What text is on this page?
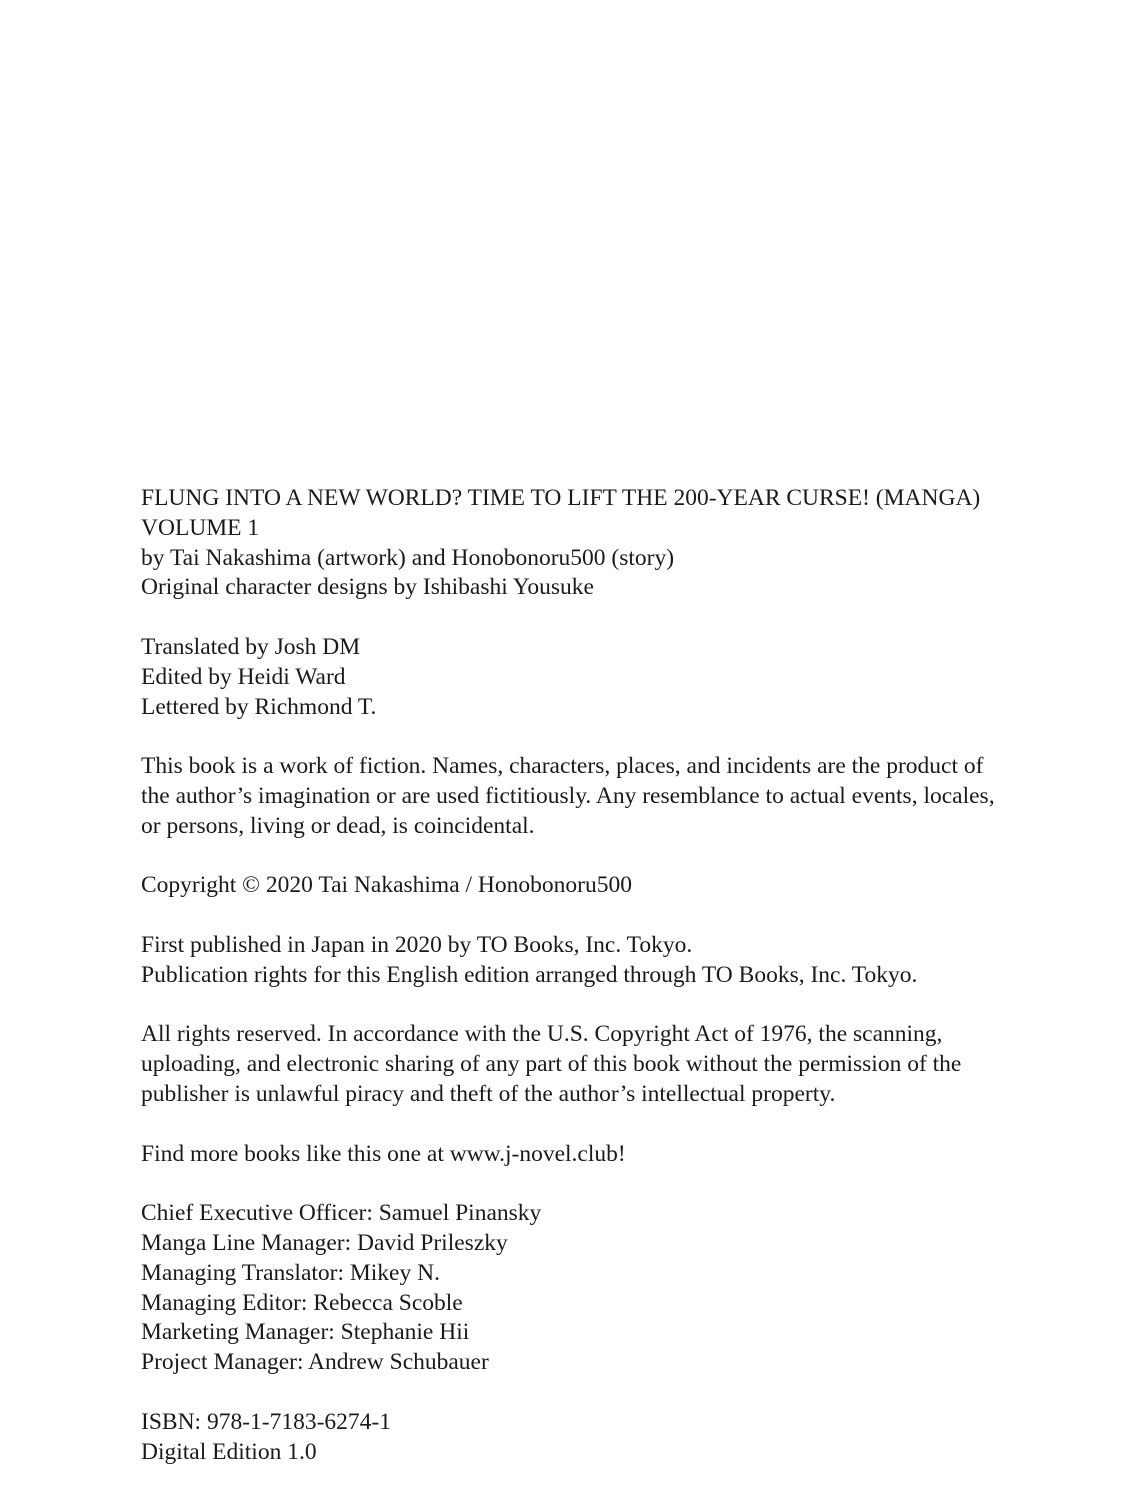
FLUNG INTO A NEW WORLD? TIME TO LIFT THE 200-YEAR CURSE! (MANGA)
VOLUME 1
by Tai Nakashima (artwork) and Honobonoru500 (story)
Original character designs by Ishibashi Yousuke
Translated by Josh DM
Edited by Heidi Ward
Lettered by Richmond T.
This book is a work of fiction. Names, characters, places, and incidents are the product of
the author’s imagination or are used fictitiously. Any resemblance to actual events, locales,
or persons, living or dead, is coincidental.
Copyright © 2020 Tai Nakashima / Honobonoru500
First published in Japan in 2020 by TO Books, Inc. Tokyo.
Publication rights for this English edition arranged through TO Books, Inc. Tokyo.
All rights reserved. In accordance with the U.S. Copyright Act of 1976, the scanning,
uploading, and electronic sharing of any part of this book without the permission of the
publisher is unlawful piracy and theft of the author’s intellectual property.
Find more books like this one at www.j-novel.club!
Chief Executive Officer: Samuel Pinansky
Manga Line Manager: David Prileszky
Managing Translator: Mikey N.
Managing Editor: Rebecca Scoble
Marketing Manager: Stephanie Hii
Project Manager: Andrew Schubauer
ISBN: 978-1-7183-6274-1
Digital Edition 1.0
